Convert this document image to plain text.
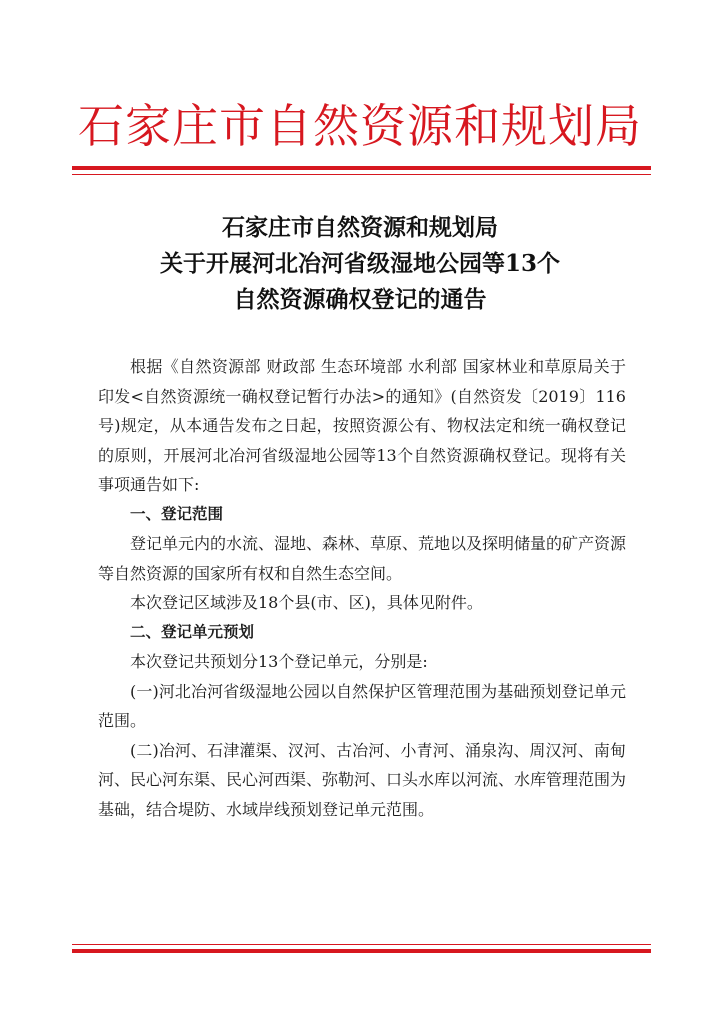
石家庄市自然资源和规划局
石家庄市自然资源和规划局
关于开展河北冶河省级湿地公园等13个
自然资源确权登记的通告

根据《自然资源部 财政部 生态环境部 水利部 国家林业和草原局关于印发<自然资源统一确权登记暂行办法>的通知》(自然资发〔2019〕116号)规定，从本通告发布之日起，按照资源公有、物权法定和统一确权登记的原则，开展河北冶河省级湿地公园等13个自然资源确权登记。现将有关事项通告如下:

一、登记范围

登记单元内的水流、湿地、森林、草原、荒地以及探明储量的矿产资源等自然资源的国家所有权和自然生态空间。

本次登记区域涉及18个县(市、区)，具体见附件。

二、登记单元预划

本次登记共预划分13个登记单元，分别是:

(一)河北冶河省级湿地公园以自然保护区管理范围为基础预划登记单元范围。

(二)冶河、石津灌渠、汊河、古冶河、小青河、涌泉沟、周汉河、南甸河、民心河东渠、民心河西渠、弥勒河、口头水库以河流、水库管理范围为基础，结合堤防、水域岸线预划登记单元范围。
